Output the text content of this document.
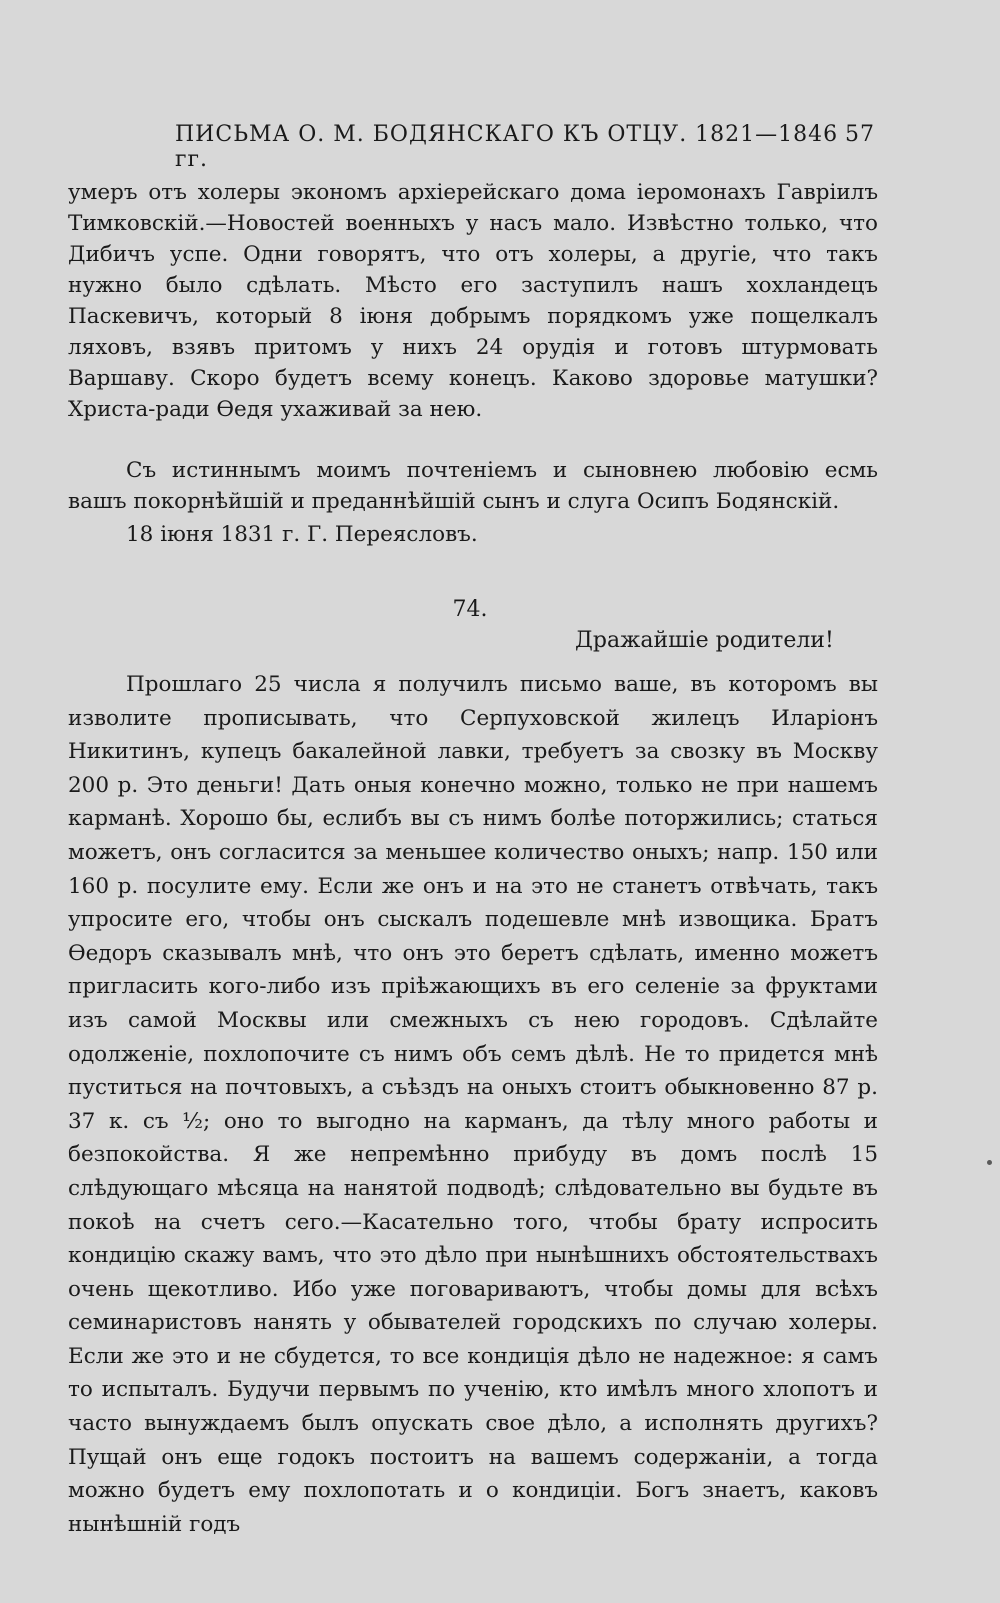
ПИСЬМА О. М. БОДЯНСКАГО КЪ ОТЦУ. 1821—1846 гг.
57

умеръ отъ холеры экономъ архіерейскаго дома іеромонахъ Гавріилъ Тимковскій.—Новостей военныхъ у насъ мало. Извѣстно только, что Дибичъ успе. Одни говорятъ, что отъ холеры, а другіе, что такъ нужно было сдѣлать. Мѣсто его заступилъ нашъ хохландецъ Паскевичъ, который 8 іюня добрымъ порядкомъ уже пощелкалъ ляховъ, взявъ притомъ у нихъ 24 орудія и готовъ штурмовать Варшаву. Скоро будетъ всему конецъ. Каково здоровье матушки? Христа-ради Ѳедя ухаживай за нею.

Съ истиннымъ моимъ почтеніемъ и сыновнею любовію есмь вашъ покорнѣйшій и преданнѣйшій сынъ и слуга Осипъ Бодянскій.

18 іюня 1831 г. Г. Переясловъ.

74.

Дражайшіе родители!

Прошлаго 25 числа я получилъ письмо ваше, въ которомъ вы изволите прописывать, что Серпуховской жилецъ Иларіонъ Никитинъ, купецъ бакалейной лавки, требуетъ за свозку въ Москву 200 р. Это деньги! Дать оныя конечно можно, только не при нашемъ карманѣ. Хорошо бы, еслибъ вы съ нимъ болѣе поторжились; статься можетъ, онъ согласится за меньшее количество оныхъ; напр. 150 или 160 р. посулите ему. Если же онъ и на это не станетъ отвѣчать, такъ упросите его, чтобы онъ сыскалъ подешевле мнѣ извощика. Братъ Ѳедоръ сказывалъ мнѣ, что онъ это беретъ сдѣлать, именно можетъ пригласить кого-либо изъ пріѣжающихъ въ его селеніе за фруктами изъ самой Москвы или смежныхъ съ нею городовъ. Сдѣлайте одолженіе, похлопочите съ нимъ объ семъ дѣлѣ. Не то придется мнѣ пуститься на почтовыхъ, а съѣздъ на оныхъ стоитъ обыкновенно 87 р. 37 к. съ ½; оно то выгодно на карманъ, да тѣлу много работы и безпокойства. Я же непремѣнно прибуду въ домъ послѣ 15 слѣдующаго мѣсяца на нанятой подводѣ; слѣдовательно вы будьте въ покоѣ на счетъ сего.—Касательно того, чтобы брату испросить кондицію скажу вамъ, что это дѣло при нынѣшнихъ обстоятельствахъ очень щекотливо. Ибо уже поговариваютъ, чтобы домы для всѣхъ семинаристовъ нанять у обывателей городскихъ по случаю холеры. Если же это и не сбудется, то все кондиція дѣло не надежное: я самъ то испыталъ. Будучи первымъ по ученію, кто имѣлъ много хлопотъ и часто вынуждаемъ былъ опускать свое дѣло, а исполнять другихъ? Пущай онъ еще годокъ постоитъ на вашемъ содержаніи, а тогда можно будетъ ему похлопотать и о кондиціи. Богъ знаетъ, каковъ нынѣшній годъ
